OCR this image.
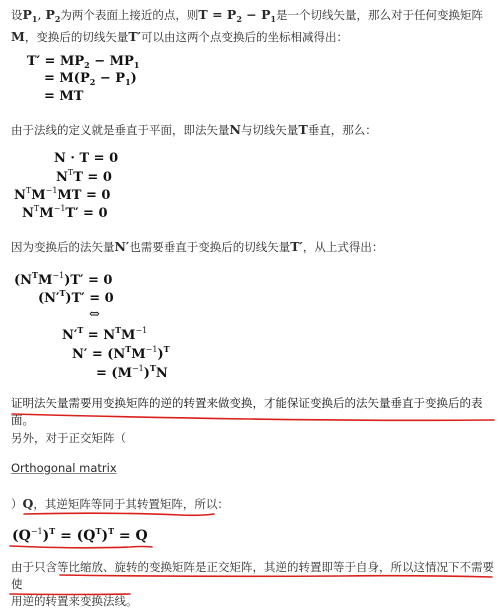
设$P_1$, $P_2$为两个表面上接近的点，则$T = P_2 - P_1$是一个切线矢量，那么对于任何变换矩阵M，变换后的切线矢量T′可以由这两个点变换后的坐标相减得出：
$T' = MP_2 - MP_1$
= $M(P_2 - P_1)$
= MT
由于法线的定义就是垂直于平面，即法矢量N与切线矢量T垂直，那么：
N · T = 0
$N^TT = 0$
$N^TM^{-1}MT = 0$
$N^TM^{-1}T' = 0$
因为变换后的法矢量N′也需要垂直于变换后的切线矢量T′，从上式得出：
$(N^TM^{-1})T' = 0$
$(N'^T)T' = 0$
⇔
$N'^T = N^TM^{-1}$
$N' = (N^TM^{-1})^T$
= $(M^{-1})^TN$
证明法矢量需要用变换矩阵的逆的转置来做变换，才能保证变换后的法矢量垂直于变换后的表面。
另外，对于正交矩阵（
Orthogonal matrix
）Q，其逆矩阵等同于其转置矩阵，所以：
$(Q^{-1})^T = (Q^T)^T = Q$
由于只含等比缩放、旋转的变换矩阵是正交矩阵，其逆的转置即等于自身，所以这情况下不需要使
用逆的转置来变换法线。
